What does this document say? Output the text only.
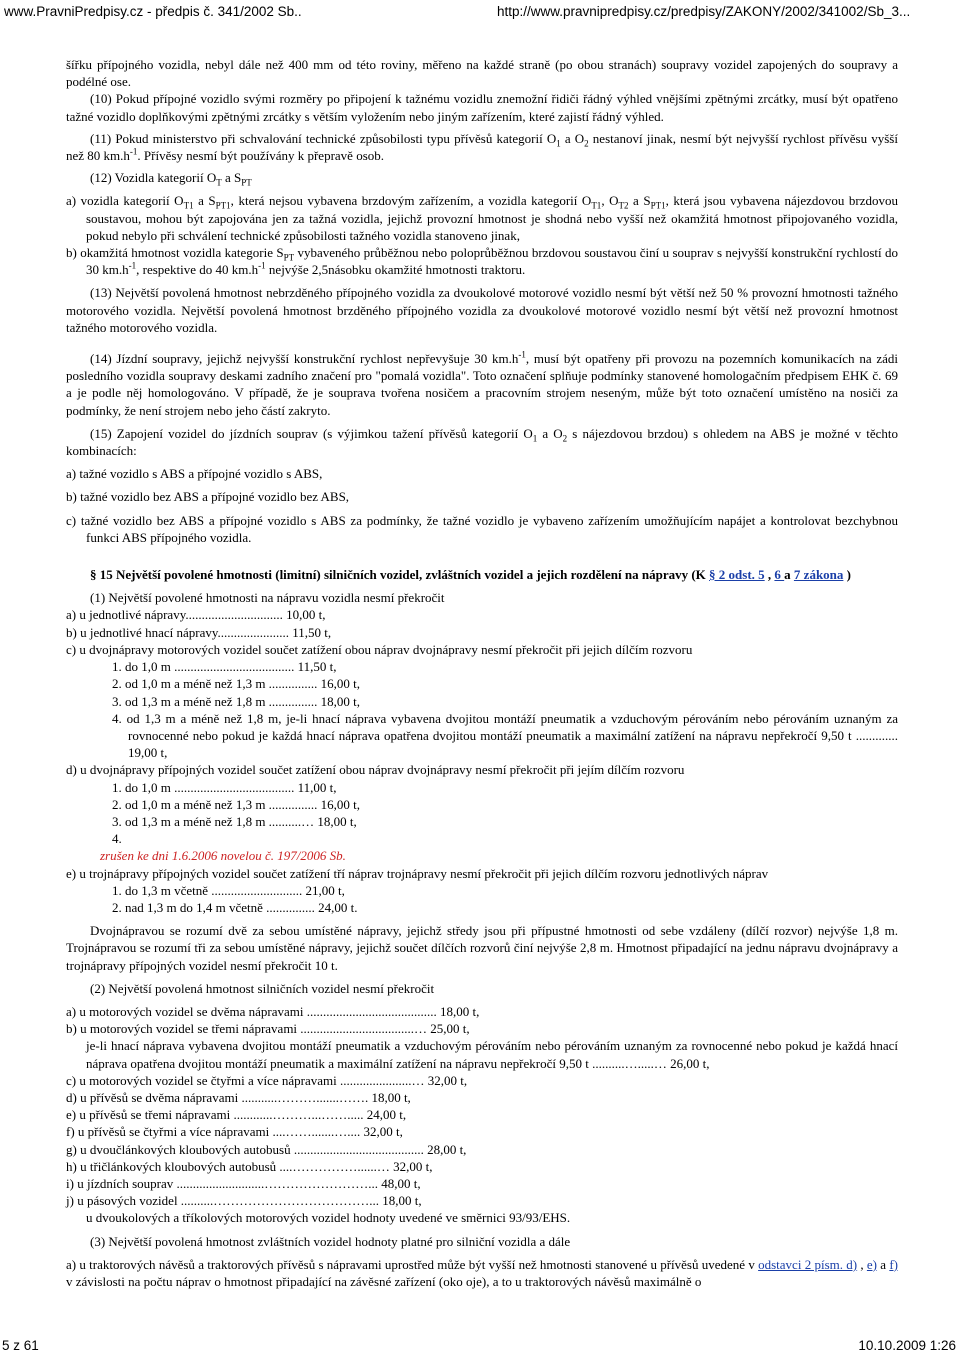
www.PravniPredpisy.cz - předpis č. 341/2002 Sb..	http://www.pravnipredpisy.cz/predpisy/ZAKONY/2002/341002/Sb_3...

šířku přípojného vozidla, nebyl dále než 400 mm od této roviny, měřeno na každé straně (po obou stranách) soupravy vozidel zapojených do soupravy a podélné ose.

(10) Pokud přípojné vozidlo svými rozměry po připojení k tažnému vozidlu znemožní řidiči řádný výhled vnějšími zpětnými zrcátky, musí být opatřeno tažné vozidlo doplňkovými zpětnými zrcátky s větším vyložením nebo jiným zařízením, které zajistí řádný výhled.

(11) Pokud ministerstvo při schvalování technické způsobilosti typu přívěsů kategorií $O_1$ a $O_2$ nestanoví jinak, nesmí být nejvyšší rychlost přívěsu vyšší než 80 $km.h^{-1}$. Přívěsy nesmí být používány k přepravě osob.

(12) Vozidla kategorií $O_T$ a $S_{PT}$

a) vozidla kategorií $O_{T1}$ a $S_{PT1}$, která nejsou vybavena brzdovým zařízením, a vozidla kategorií $O_{T1}$, $O_{T2}$ a $S_{PT1}$, která jsou vybavena nájezdovou brzdovou soustavou, mohou být zapojována jen za tažná vozidla, jejichž provozní hmotnost je shodná nebo vyšší než okamžitá hmotnost připojovaného vozidla, pokud nebylo při schválení technické způsobilosti tažného vozidla stanoveno jinak,

b) okamžitá hmotnost vozidla kategorie $S_{PT}$ vybaveného průběžnou nebo poloprůběžnou brzdovou soustavou činí u souprav s nejvyšší konstrukční rychlostí do 30 $km.h^{-1}$, respektive do 40 $km.h^{-1}$ nejvýše 2,5násobku okamžité hmotnosti traktoru.

(13) Největší povolená hmotnost nebrzděného přípojného vozidla za dvoukolové motorové vozidlo nesmí být větší než 50 % provozní hmotnosti tažného motorového vozidla. Největší povolená hmotnost brzděného přípojného vozidla za dvoukolové motorové vozidlo nesmí být větší než provozní hmotnost tažného motorového vozidla.

(14) Jízdní soupravy, jejichž nejvyšší konstrukční rychlost nepřevyšuje 30 $km.h^{-1}$, musí být opatřeny při provozu na pozemních komunikacích na zádi posledního vozidla soupravy deskami zadního značení pro "pomalá vozidla". Toto označení splňuje podmínky stanovené homologačním předpisem EHK č. 69 a je podle něj homologováno. V případě, že je souprava tvořena nosičem a pracovním strojem neseným, může být toto označení umístěno na nosiči za podmínky, že není strojem nebo jeho částí zakryto.

(15) Zapojení vozidel do jízdních souprav (s výjimkou tažení přívěsů kategorií $O_1$ a $O_2$ s nájezdovou brzdou) s ohledem na ABS je možné v těchto kombinacích:

a) tažné vozidlo s ABS a přípojné vozidlo s ABS,

b) tažné vozidlo bez ABS a přípojné vozidlo bez ABS,

c) tažné vozidlo bez ABS a přípojné vozidlo s ABS za podmínky, že tažné vozidlo je vybaveno zařízením umožňujícím napájet a kontrolovat bezchybnou funkci ABS přípojného vozidla.

§ 15 Největší povolené hmotnosti (limitní) silničních vozidel, zvláštních vozidel a jejich rozdělení na nápravy (K § 2 odst. 5 , 6 a 7 zákona )

(1) Největší povolené hmotnosti na nápravu vozidla nesmí překročit

a) u jednotlivé nápravy.............................. 10,00 t,

b) u jednotlivé hnací nápravy...................... 11,50 t,

c) u dvojnápravy motorových vozidel součet zatížení obou náprav dvojnápravy nesmí překročit při jejich dílčím rozvoru

1. do 1,0 m ..................................... 11,50 t,

2. od 1,0 m a méně než 1,3 m ............... 16,00 t,

3. od 1,3 m a méně než 1,8 m ............... 18,00 t,

4. od 1,3 m a méně než 1,8 m, je-li hnací náprava vybavena dvojitou montáží pneumatik a vzduchovým pérováním nebo pérováním uznaným za rovnocenné nebo pokud je každá hnací náprava opatřena dvojitou montáží pneumatik a maximální zatížení na nápravu nepřekročí 9,50 t ............. 19,00 t,

d) u dvojnápravy přípojných vozidel součet zatížení obou náprav dvojnápravy nesmí překročit při jejím dílčím rozvoru

1. do 1,0 m ..................................... 11,00 t,

2. od 1,0 m a méně než 1,3 m ............... 16,00 t,

3. od 1,3 m a méně než 1,8 m ..........… 18,00 t,

4.

zrušen ke dni 1.6.2006 novelou č. 197/2006 Sb.

e) u trojnápravy přípojných vozidel součet zatížení tří náprav trojnápravy nesmí překročit při jejich dílčím rozvoru jednotlivých náprav

1. do 1,3 m včetně ............................ 21,00 t,

2. nad 1,3 m do 1,4 m včetně ............... 24,00 t.

Dvojnápravou se rozumí dvě za sebou umístěné nápravy, jejichž středy jsou při přípustné hmotnosti od sebe vzdáleny (dílčí rozvor) nejvýše 1,8 m. Trojnápravou se rozumí tři za sebou umístěné nápravy, jejichž součet dílčích rozvorů činí nejvýše 2,8 m. Hmotnost připadající na jednu nápravu dvojnápravy a trojnápravy přípojných vozidel nesmí překročit 10 t.

(2) Největší povolená hmotnost silničních vozidel nesmí překročit

a) u motorových vozidel se dvěma nápravami ........................................ 18,00 t,

b) u motorových vozidel se třemi nápravami ...................................… 25,00 t,

je-li hnací náprava vybavena dvojitou montáží pneumatik a vzduchovým pérováním nebo pérováním uznaným za rovnocenné nebo pokud je každá hnací náprava opatřena dvojitou montáží pneumatik a maximální zatížení na nápravu nepřekročí 9,50 t ..........….....… 26,00 t,

c) u motorových vozidel se čtyřmi a více nápravami ......................… 32,00 t,

d) u přívěsů se dvěma nápravami ...........……….......……. 18,00 t,

e) u přívěsů se třemi nápravami ............………...……..... 24,00 t,

f) u přívěsů se čtyřmi a více nápravami ....…….......….... 32,00 t,

g) u dvoučlánkových kloubových autobusů ........................................ 28,00 t,

h) u třičlánkových kloubových autobusů ....……………......… 32,00 t,

i) u jízdních souprav ...........................……………………... 48,00 t,

j) u pásových vozidel ..........………………………………... 18,00 t,

u dvoukolových a tříkolových motorových vozidel hodnoty uvedené ve směrnici 93/93/EHS.

(3) Největší povolená hmotnost zvláštních vozidel hodnoty platné pro silniční vozidla a dále

a) u traktorových návěsů a traktorových přívěsů s nápravami uprostřed může být vyšší než hmotnosti stanovené u přívěsů uvedené v odstavci 2 písm. d) , e) a f) v závislosti na počtu náprav o hmotnost připadající na závěsné zařízení (oko oje), a to u traktorových návěsů maximálně o

5 z 61	10.10.2009 1:26
